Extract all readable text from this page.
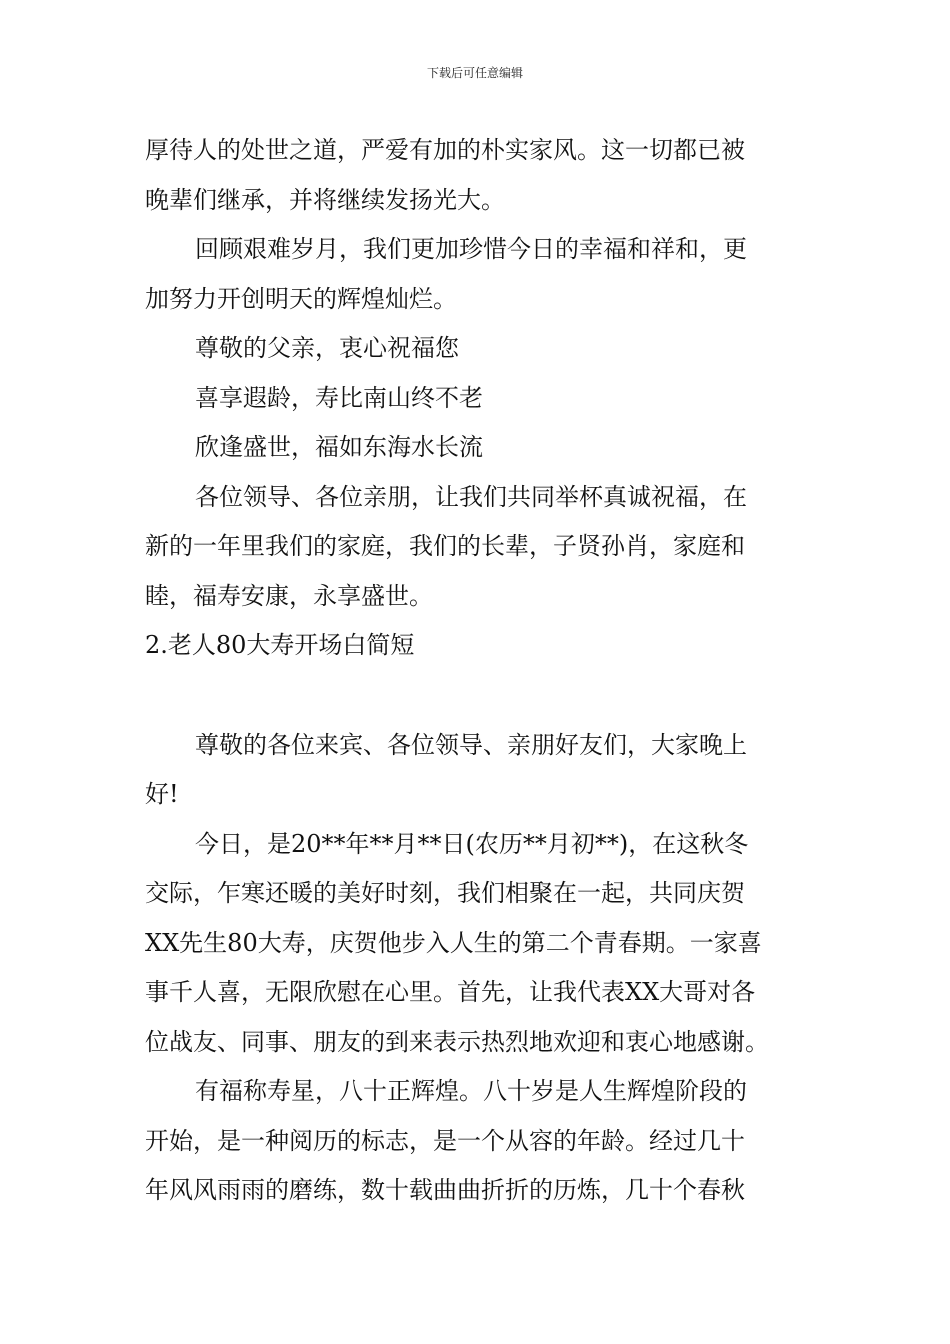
下载后可任意编辑
厚待人的处世之道，严爱有加的朴实家风。这一切都已被
晚辈们继承，并将继续发扬光大。
回顾艰难岁月，我们更加珍惜今日的幸福和祥和，更
加努力开创明天的辉煌灿烂。
尊敬的父亲，衷心祝福您
喜享遐龄，寿比南山终不老
欣逢盛世，福如东海水长流
各位领导、各位亲朋，让我们共同举杯真诚祝福，在
新的一年里我们的家庭，我们的长辈，子贤孙肖，家庭和
睦，福寿安康，永享盛世。
2.老人80大寿开场白简短
尊敬的各位来宾、各位领导、亲朋好友们，大家晚上
好!
今日，是20**年**月**日(农历**月初**)，在这秋冬
交际，乍寒还暖的美好时刻，我们相聚在一起，共同庆贺
XX先生80大寿，庆贺他步入人生的第二个青春期。一家喜
事千人喜，无限欣慰在心里。首先，让我代表XX大哥对各
位战友、同事、朋友的到来表示热烈地欢迎和衷心地感谢。
有福称寿星，八十正辉煌。八十岁是人生辉煌阶段的
开始，是一种阅历的标志，是一个从容的年龄。经过几十
年风风雨雨的磨练，数十载曲曲折折的历炼，几十个春秋
